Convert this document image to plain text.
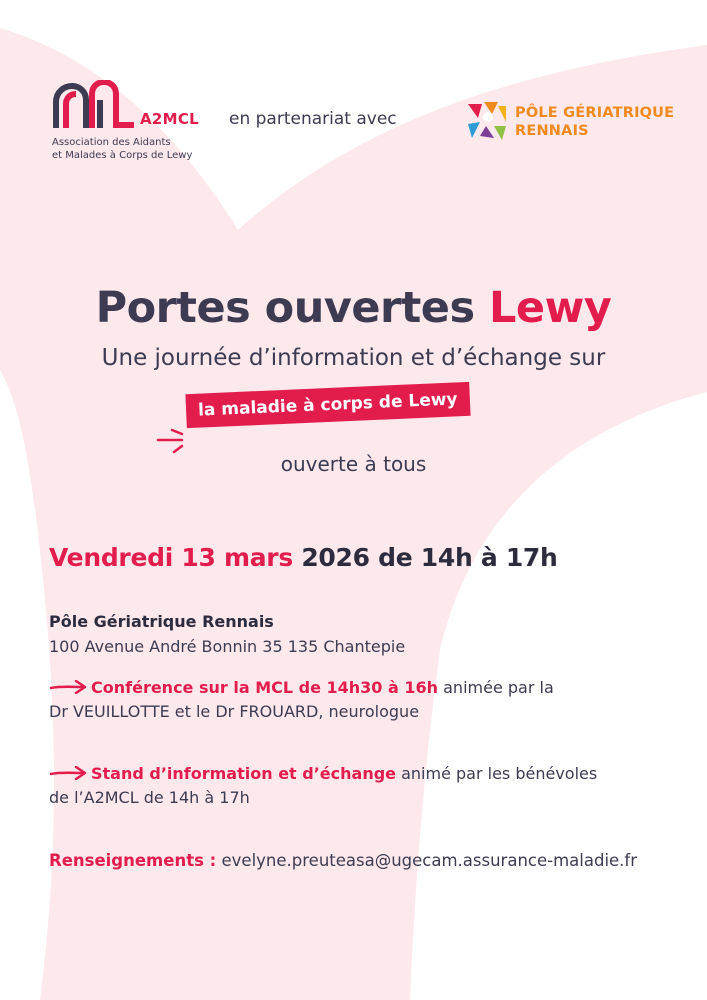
A2MCL
Association des Aidants
et Malades à Corps de Lewy
en partenariat avec	PÔLE GÉRIATRIQUE
RENNAIS
Portes ouvertes Lewy
Une journée d’information et d’échange sur
la maladie à corps de Lewy
ouverte à tous
Vendredi 13 mars 2026 de 14h à 17h
Pôle Gériatrique Rennais
100 Avenue André Bonnin 35 135 Chantepie
Conférence sur la MCL de 14h30 à 16h animée par la
Dr VEUILLOTTE et le Dr FROUARD, neurologue
Stand d’information et d’échange animé par les bénévoles
de l’A2MCL de 14h à 17h
Renseignements : evelyne.preuteasa@ugecam.assurance-maladie.fr
